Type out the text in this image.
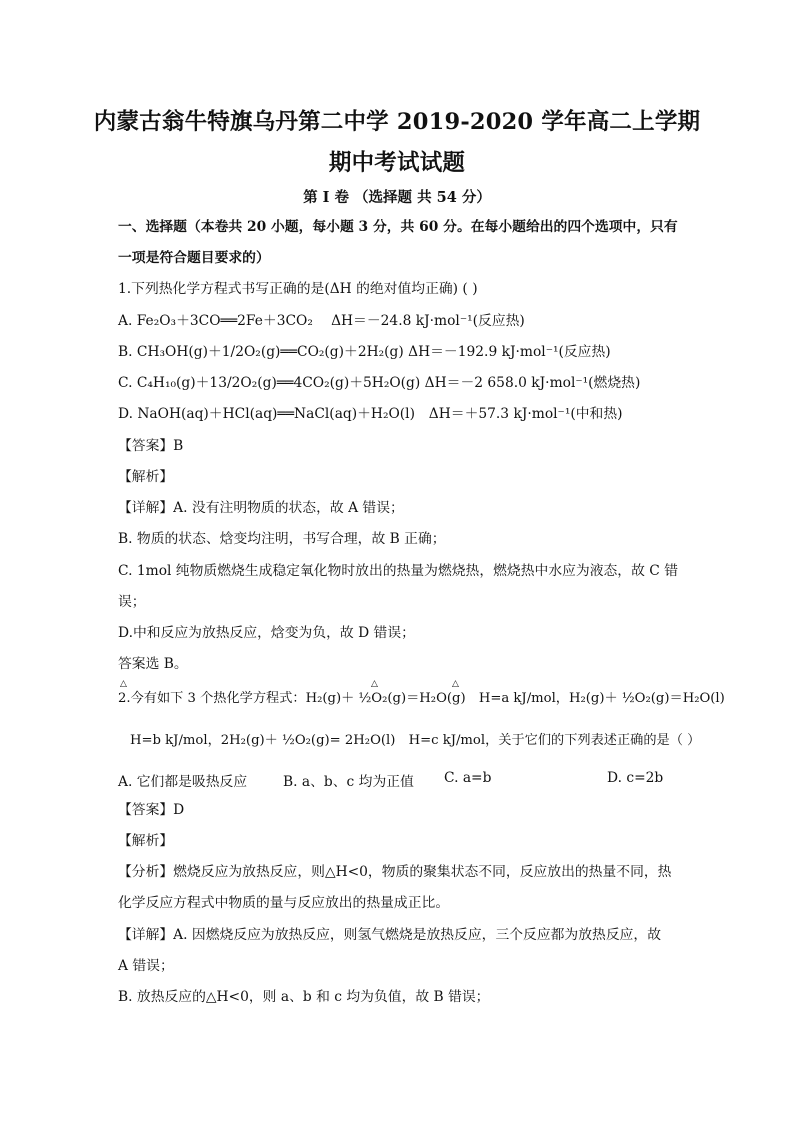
内蒙古翁牛特旗乌丹第二中学 2019-2020 学年高二上学期
期中考试试题
第 I 卷 （选择题 共 54 分）
一、选择题（本卷共 20 小题，每小题 3 分，共 60 分。在每小题给出的四个选项中，只有
一项是符合题目要求的）
1.下列热化学方程式书写正确的是(ΔH 的绝对值均正确) ( )
A. Fe₂O₃＋3CO══2Fe＋3CO₂　 ΔH＝－24.8 kJ·mol⁻¹(反应热)
B. CH₃OH(g)＋1/2O₂(g)══CO₂(g)＋2H₂(g) ΔH＝－192.9 kJ·mol⁻¹(反应热)
C. C₄H₁₀(g)＋13/2O₂(g)══4CO₂(g)＋5H₂O(g) ΔH＝－2 658.0 kJ·mol⁻¹(燃烧热)
D. NaOH(aq)＋HCl(aq)══NaCl(aq)＋H₂O(l)　ΔH＝＋57.3 kJ·mol⁻¹(中和热)
【答案】B
【解析】
【详解】A. 没有注明物质的状态，故 A 错误；
B. 物质的状态、焓变均注明，书写合理，故 B 正确；
C. 1mol 纯物质燃烧生成稳定氧化物时放出的热量为燃烧热，燃烧热中水应为液态，故 C 错
误；
D.中和反应为放热反应，焓变为负，故 D 错误；
答案选 B。
△	△	△
2.今有如下 3 个热化学方程式：H₂(g)＋ ½O₂(g)＝H₂O(g)　H=a kJ/mol，H₂(g)＋ ½O₂(g)＝H₂O(l)
H=b kJ/mol，2H₂(g)＋ ½O₂(g)= 2H₂O(l)　H=c kJ/mol，关于它们的下列表述正确的是（ ）
A. 它们都是吸热反应	B. a、b、c 均为正值 C. a=b	D. c=2b
【答案】D
【解析】
【分析】燃烧反应为放热反应，则△H<0，物质的聚集状态不同，反应放出的热量不同，热
化学反应方程式中物质的量与反应放出的热量成正比。
【详解】A. 因燃烧反应为放热反应，则氢气燃烧是放热反应，三个反应都为放热反应，故
A 错误；
B. 放热反应的△H<0，则 a、b 和 c 均为负值，故 B 错误；
